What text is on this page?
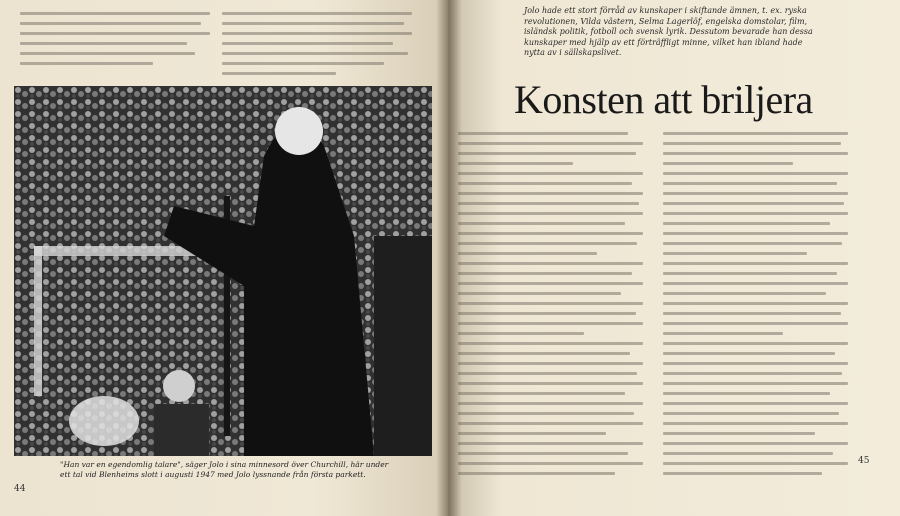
"Han var en egendomlig talare", säger Jolo i sina minnesord över Churchill, här under ett tal vid Blenheims slott i augusti 1947 med Jolo lyssnande från första parkett.
44
45
Jolo hade ett stort förråd av kunskaper i skiftande ämnen, t. ex. ryska revolutionen, Vilda västern, Selma Lagerlöf, engelska domstolar, film, isländsk politik, fotboll och svensk lyrik. Dessutom bevarade han dessa kunskaper med hjälp av ett förträffligt minne, vilket han ibland hade nytta av i sällskapslivet.
Konsten att briljera
